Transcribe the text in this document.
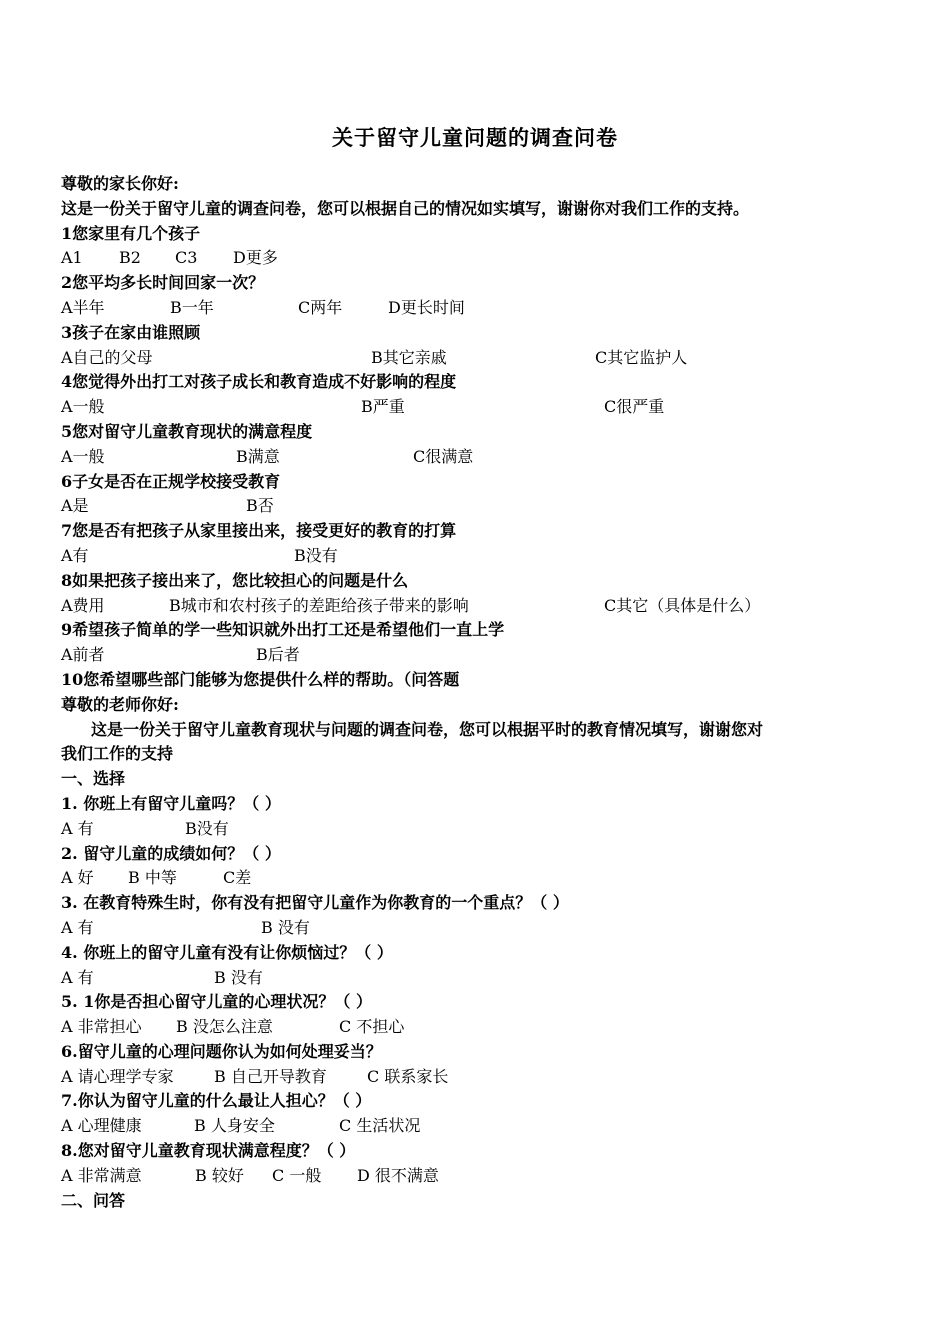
关于留守儿童问题的调查问卷
尊敬的家长你好:
这是一份关于留守儿童的调查问卷，您可以根据自己的情况如实填写，谢谢你对我们工作的支持。
1您家里有几个孩子
A1 B2 C3 D更多
2您平均多长时间回家一次？
A半年	B一年	C两年	D更长时间
3孩子在家由谁照顾
A自己的父母	B其它亲戚	C其它监护人
4您觉得外出打工对孩子成长和教育造成不好影响的程度
A一般	B严重	C很严重
5您对留守儿童教育现状的满意程度
A一般	B满意	C很满意
6子女是否在正规学校接受教育
A是	B否
7您是否有把孩子从家里接出来，接受更好的教育的打算
A有	B没有
8如果把孩子接出来了，您比较担心的问题是什么
A费用	B城市和农村孩子的差距给孩子带来的影响	C其它（具体是什么）
9希望孩子简单的学一些知识就外出打工还是希望他们一直上学
A前者	B后者
10您希望哪些部门能够为您提供什么样的帮助。（问答题
尊敬的老师你好:
这是一份关于留守儿童教育现状与问题的调查问卷，您可以根据平时的教育情况填写，谢谢您对
我们工作的支持
一、选择
1. 你班上有留守儿童吗？（ ）
A 有	B没有
2. 留守儿童的成绩如何？（ ）
A 好 B 中等	C差
3. 在教育特殊生时，你有没有把留守儿童作为你教育的一个重点？（ ）
A 有	B 没有
4. 你班上的留守儿童有没有让你烦恼过？（ ）
A 有	B 没有
5. 1你是否担心留守儿童的心理状况？（ ）
A 非常担心 B 没怎么注意	C 不担心
6.留守儿童的心理问题你认为如何处理妥当？
A 请心理学专家	B 自己开导教育	C 联系家长
7.你认为留守儿童的什么最让人担心？（ ）
A 心理健康	B 人身安全	C 生活状况
8.您对留守儿童教育现状满意程度？（ ）
A 非常满意	B 较好 C 一般 D 很不满意
二、问答
